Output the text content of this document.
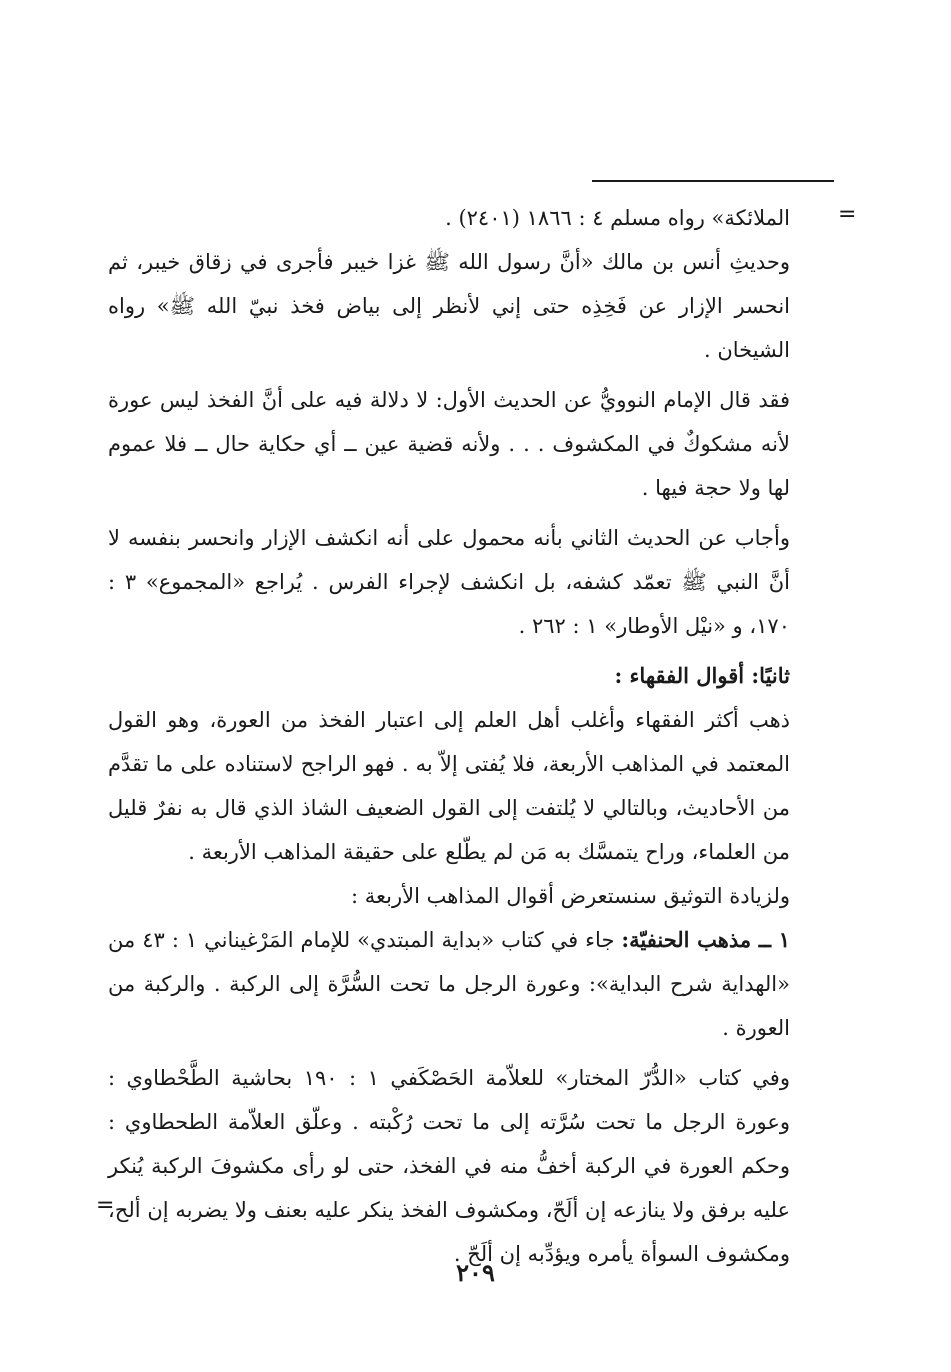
=

الملائكة» رواه مسلم ٤ : ١٨٦٦ (٢٤٠١) .

وحديثِ أنس بن مالك «أنَّ رسول الله ﷺ غزا خيبر فأجرى في زقاق خيبر، ثم انحسر الإزار عن فَخِذِه حتى إني لأنظر إلى بياض فخذ نبيّ الله ﷺ» رواه الشيخان .

فقد قال الإمام النوويُّ عن الحديث الأول: لا دلالة فيه على أنَّ الفخذ ليس عورة لأنه مشكوكٌ في المكشوف . . . ولأنه قضية عين ــ أي حكاية حال ــ فلا عموم لها ولا حجة فيها .

وأجاب عن الحديث الثاني بأنه محمول على أنه انكشف الإزار وانحسر بنفسه لا أنَّ النبي ﷺ تعمّد كشفه، بل انكشف لإجراء الفرس . يُراجع «المجموع» ٣ : ١٧٠، و «نيْل الأوطار» ١ : ٢٦٢ .

ثانيًا: أقوال الفقهاء :

ذهب أكثر الفقهاء وأغلب أهل العلم إلى اعتبار الفخذ من العورة، وهو القول المعتمد في المذاهب الأربعة، فلا يُفتى إلاّ به . فهو الراجح لاستناده على ما تقدَّم من الأحاديث، وبالتالي لا يُلتفت إلى القول الضعيف الشاذ الذي قال به نفرٌ قليل من العلماء، وراح يتمسَّك به مَن لم يطّلع على حقيقة المذاهب الأربعة .

ولزيادة التوثيق سنستعرض أقوال المذاهب الأربعة :

١ ــ مذهب الحنفيّة: جاء في كتاب «بداية المبتدي» للإمام المَرْغيناني ١ : ٤٣ من «الهداية شرح البداية»: وعورة الرجل ما تحت السُّرَّة إلى الركبة . والركبة من العورة .

وفي كتاب «الدُّرّ المختار» للعلاّمة الحَصْكَفي ١ : ١٩٠ بحاشية الطَّحْطاوي : وعورة الرجل ما تحت سُرَّته إلى ما تحت رُكْبته . وعلّق العلاّمة الطحطاوي : وحكم العورة في الركبة أخفُّ منه في الفخذ، حتى لو رأى مكشوفَ الركبة يُنكر عليه برفق ولا ينازعه إن ألَحّ، ومكشوف الفخذ ينكر عليه بعنف ولا يضربه إن ألح، ومكشوف السوأة يأمره ويؤدِّبه إن ألَحّ .

=
٢٠٩
